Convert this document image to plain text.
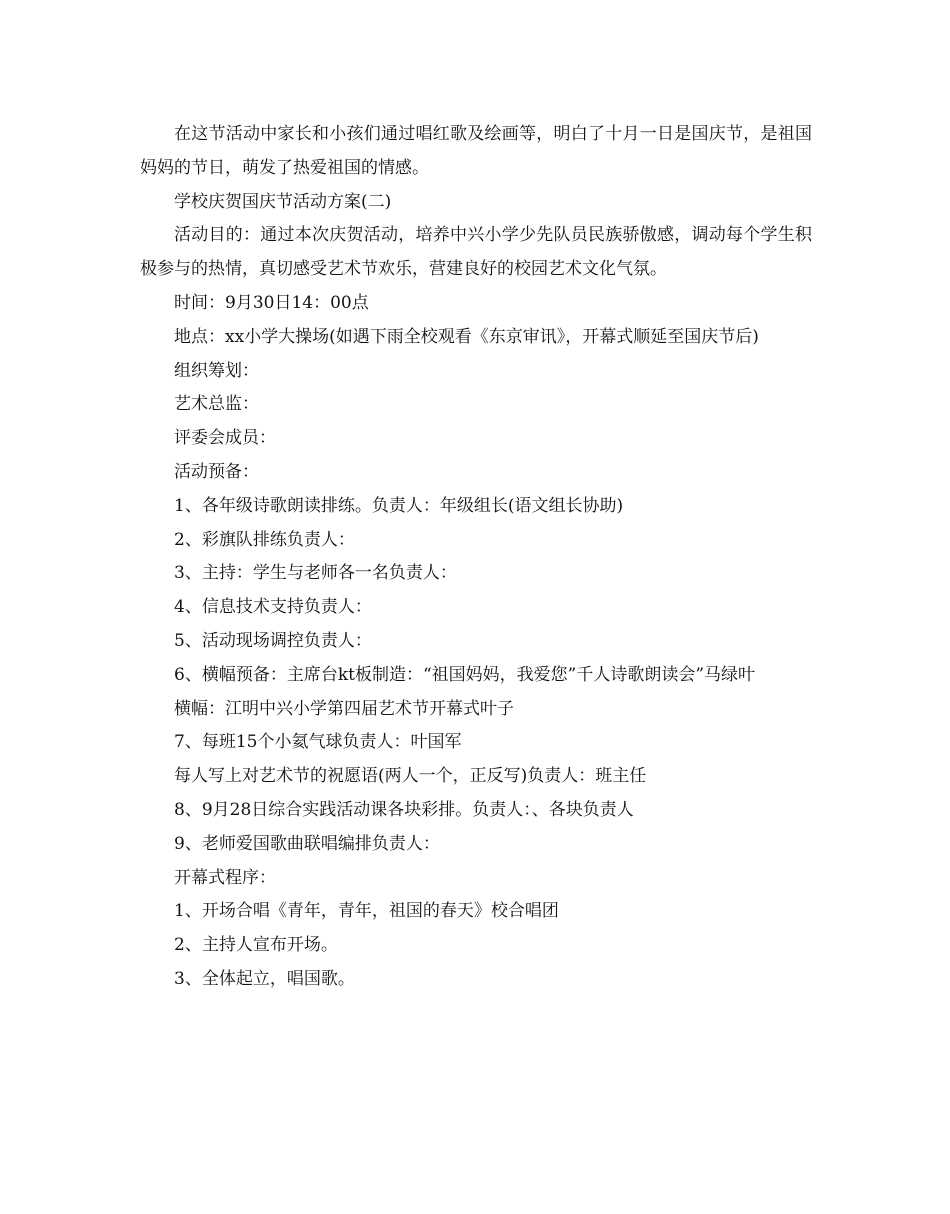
在这节活动中家长和小孩们通过唱红歌及绘画等，明白了十月一日是国庆节，是祖国妈妈的节日，萌发了热爱祖国的情感。

学校庆贺国庆节活动方案(二)

活动目的：通过本次庆贺活动，培养中兴小学少先队员民族骄傲感，调动每个学生积极参与的热情，真切感受艺术节欢乐，营建良好的校园艺术文化气氛。

时间：9月30日14：00点

地点：xx小学大操场(如遇下雨全校观看《东京审讯》，开幕式顺延至国庆节后)

组织筹划：

艺术总监：

评委会成员：

活动预备：

1、各年级诗歌朗读排练。负责人：年级组长(语文组长协助)

2、彩旗队排练负责人：

3、主持：学生与老师各一名负责人：

4、信息技术支持负责人：

5、活动现场调控负责人：

6、横幅预备：主席台kt板制造：“祖国妈妈，我爱您”千人诗歌朗读会”马绿叶

横幅：江明中兴小学第四届艺术节开幕式叶子

7、每班15个小氦气球负责人：叶国军

每人写上对艺术节的祝愿语(两人一个，正反写)负责人：班主任

8、9月28日综合实践活动课各块彩排。负责人：、各块负责人

9、老师爱国歌曲联唱编排负责人：

开幕式程序：

1、开场合唱《青年，青年，祖国的春天》校合唱团

2、主持人宣布开场。

3、全体起立，唱国歌。
